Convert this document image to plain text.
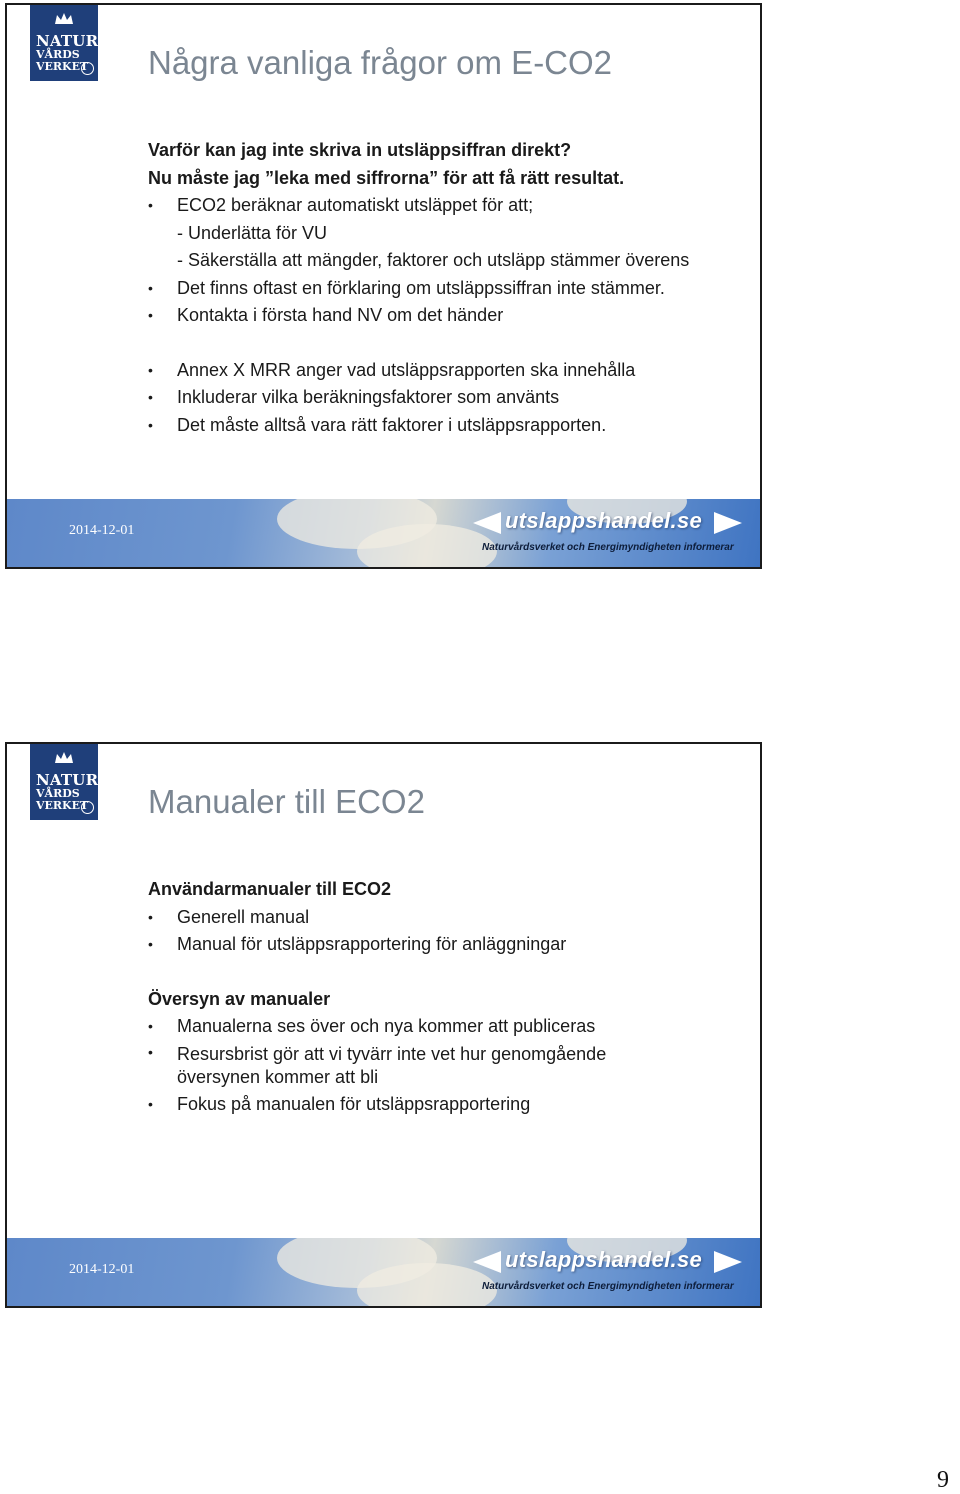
NATUR
VÅRDS
VERKET Några vanliga frågor om E-CO2
Varför kan jag inte skriva in utsläppsiffran direkt?
Nu måste jag ”leka med siffrorna” för att få rätt resultat.
• ECO2 beräknar automatiskt utsläppet för att;
- Underlätta för VU
- Säkerställa att mängder, faktorer och utsläpp stämmer överens
• Det finns oftast en förklaring om utsläppssiffran inte stämmer.
• Kontakta i första hand NV om det händer
• Annex X MRR anger vad utsläppsrapporten ska innehålla
• Inkluderar vilka beräkningsfaktorer som använts
• Det måste alltså vara rätt faktorer i utsläppsrapporten.
2014-12-01	utslappshandel.se
Naturvårdsverket och Energimyndigheten informerar
NATUR
VÅRDS
VERKET Manualer till ECO2
Användarmanualer till ECO2
• Generell manual
• Manual för utsläppsrapportering för anläggningar
Översyn av manualer
• Manualerna ses över och nya kommer att publiceras
• Resursbrist gör att vi tyvärr inte vet hur genomgående
översynen kommer att bli
• Fokus på manualen för utsläppsrapportering
2014-12-01	utslappshandel.se
Naturvårdsverket och Energimyndigheten informerar
9
